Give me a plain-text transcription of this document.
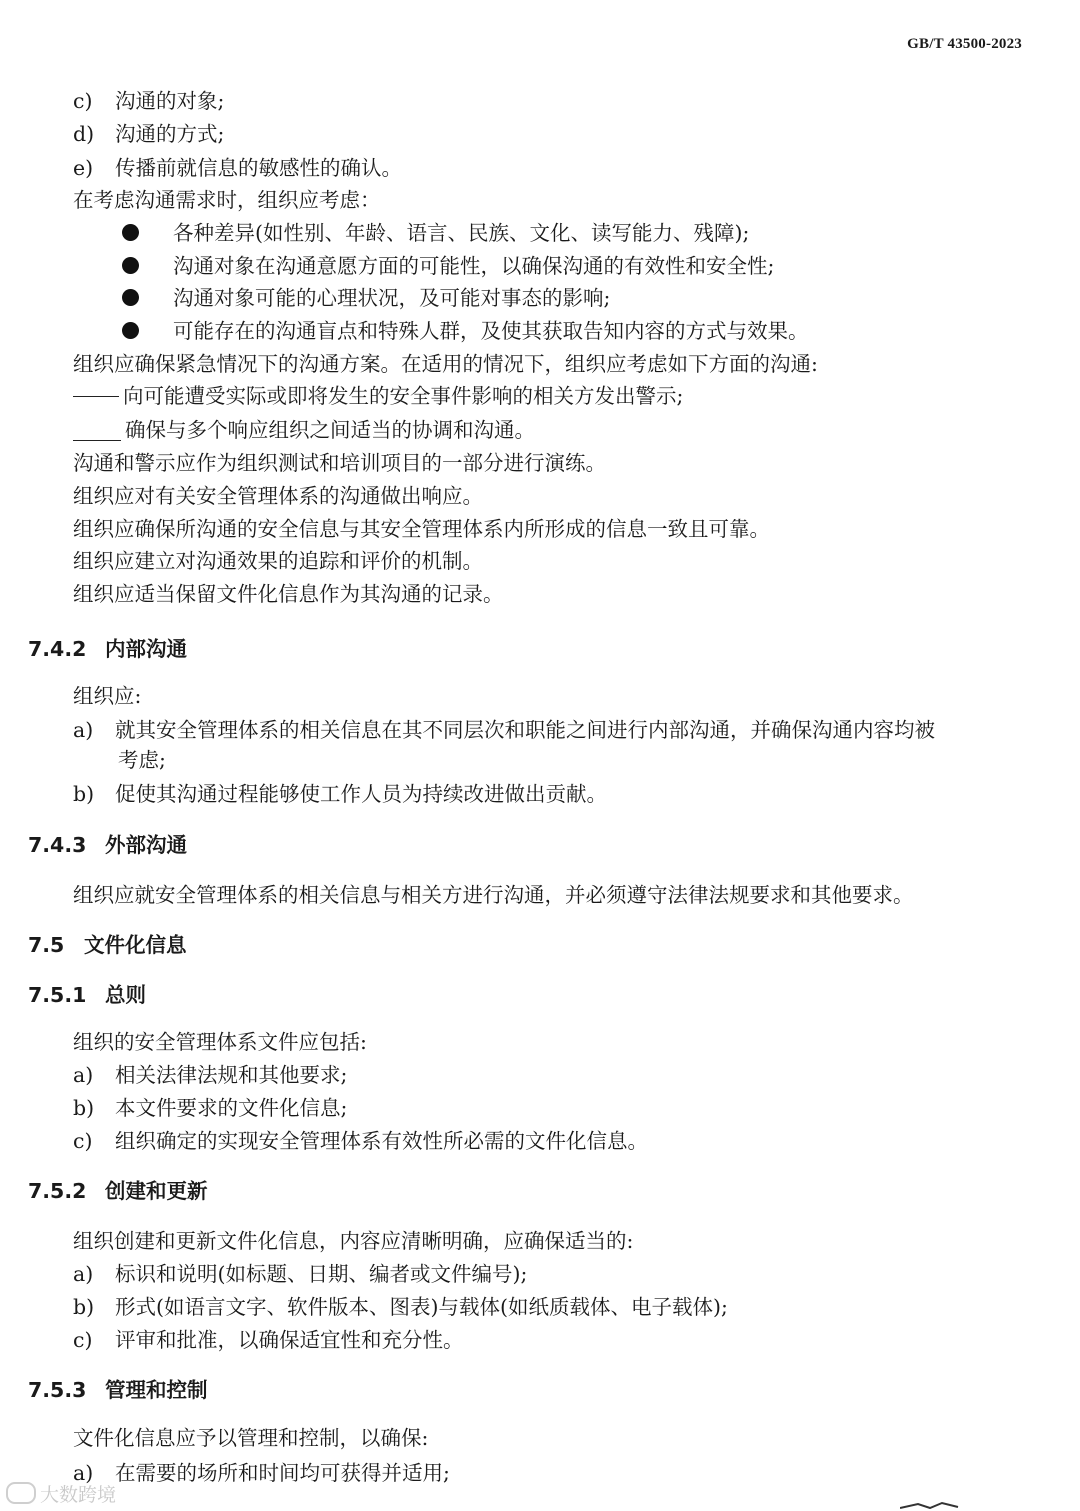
GB/T 43500-2023
c) 沟通的对象;
d) 沟通的方式;
e) 传播前就信息的敏感性的确认。
在考虑沟通需求时，组织应考虑：
各种差异(如性别、年龄、语言、民族、文化、读写能力、残障);
沟通对象在沟通意愿方面的可能性，以确保沟通的有效性和安全性;
沟通对象可能的心理状况，及可能对事态的影响;
可能存在的沟通盲点和特殊人群，及使其获取告知内容的方式与效果。
组织应确保紧急情况下的沟通方案。在适用的情况下，组织应考虑如下方面的沟通:
向可能遭受实际或即将发生的安全事件影响的相关方发出警示;
确保与多个响应组织之间适当的协调和沟通。
沟通和警示应作为组织测试和培训项目的一部分进行演练。
组织应对有关安全管理体系的沟通做出响应。
组织应确保所沟通的安全信息与其安全管理体系内所形成的信息一致且可靠。
组织应建立对沟通效果的追踪和评价的机制。
组织应适当保留文件化信息作为其沟通的记录。
7.4.2 内部沟通
组织应:
a) 就其安全管理体系的相关信息在其不同层次和职能之间进行内部沟通，并确保沟通内容均被
考虑;
b) 促使其沟通过程能够使工作人员为持续改进做出贡献。
7.4.3 外部沟通
组织应就安全管理体系的相关信息与相关方进行沟通，并必须遵守法律法规要求和其他要求。
7.5 文件化信息
7.5.1 总则
组织的安全管理体系文件应包括:
a) 相关法律法规和其他要求;
b) 本文件要求的文件化信息;
c) 组织确定的实现安全管理体系有效性所必需的文件化信息。
7.5.2 创建和更新
组织创建和更新文件化信息，内容应清晰明确，应确保适当的:
a) 标识和说明(如标题、日期、编者或文件编号);
b) 形式(如语言文字、软件版本、图表)与载体(如纸质载体、电子载体);
c) 评审和批准，以确保适宜性和充分性。
7.5.3 管理和控制
文件化信息应予以管理和控制，以确保:
a) 在需要的场所和时间均可获得并适用;
大数跨境
